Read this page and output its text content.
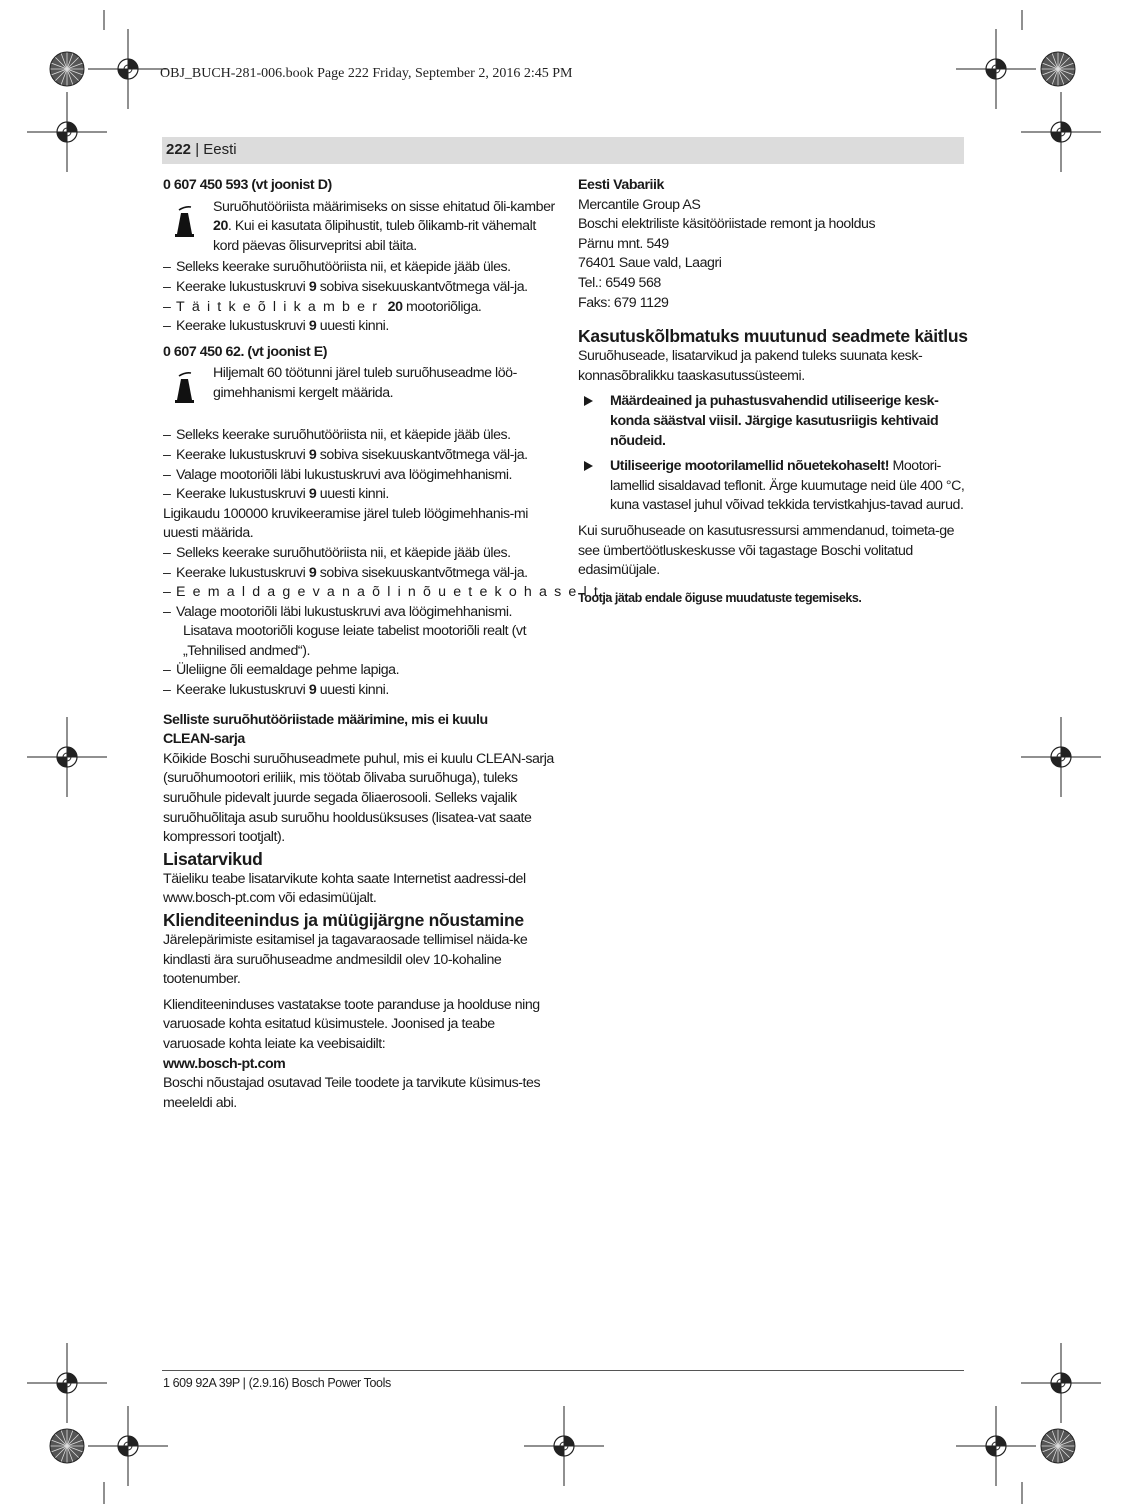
OBJ_BUCH-281-006.book Page 222 Friday, September 2, 2016 2:45 PM
222 | Eesti

0 607 450 593 (vt joonist D)

Suruõhutööriista määrimiseks on sisse ehitatud õli-kamber 20. Kui ei kasutata õlipihustit, tuleb õlikamb-rit vähemalt kord päevas õlisurvepritsi abil täita.

– Selleks keerake suruõhutööriista nii, et käepide jääb üles.

– Keerake lukustuskruvi 9 sobiva sisekuuskantvõtmega väl-ja.

– Täitkeõlikamber 20 mootoriõliga.

– Keerake lukustuskruvi 9 uuesti kinni.

0 607 450 62. (vt joonist E)

Hiljemalt 60 töötunni järel tuleb suruõhuseadme löö-gimehhanismi kergelt määrida.

– Selleks keerake suruõhutööriista nii, et käepide jääb üles.

– Keerake lukustuskruvi 9 sobiva sisekuuskantvõtmega väl-ja.

– Valage mootoriõli läbi lukustuskruvi ava löögimehhanismi.

– Keerake lukustuskruvi 9 uuesti kinni.

Ligikaudu 100000 kruvikeeramise järel tuleb löögimehhanis-mi uuesti määrida.

– Selleks keerake suruõhutööriista nii, et käepide jääb üles.

– Keerake lukustuskruvi 9 sobiva sisekuuskantvõtmega väl-ja.

– Eemaldagevanaõlinõuetekohaselt.

– Valage mootoriõli läbi lukustuskruvi ava löögimehhanismi.

Lisatava mootoriõli koguse leiate tabelist mootoriõli realt (vt „Tehnilised andmed“).

– Üleliigne õli eemaldage pehme lapiga.

– Keerake lukustuskruvi 9 uuesti kinni.

Selliste suruõhutööriistade määrimine, mis ei kuulu CLEAN-sarja

Kõikide Boschi suruõhuseadmete puhul, mis ei kuulu CLEAN-sarja (suruõhumootori eriliik, mis töötab õlivaba suruõhuga), tuleks suruõhule pidevalt juurde segada õliaerosooli. Selleks vajalik suruõhuõlitaja asub suruõhu hooldusüksuses (lisatea-vat saate kompressori tootjalt).

Lisatarvikud

Täieliku teabe lisatarvikute kohta saate Internetist aadressi-del www.bosch-pt.com või edasimüüjalt.

Klienditeenindus ja müügijärgne nõustamine

Järelepärimiste esitamisel ja tagavaraosade tellimisel näida-ke kindlasti ära suruõhuseadme andmesildil olev 10-kohaline tootenumber.

Klienditeeninduses vastatakse toote paranduse ja hoolduse ning varuosade kohta esitatud küsimustele. Joonised ja teabe varuosade kohta leiate ka veebisaidilt:

www.bosch-pt.com

Boschi nõustajad osutavad Teile toodete ja tarvikute küsimus-tes meeleldi abi.

Eesti Vabariik

Mercantile Group AS

Boschi elektriliste käsitööriistade remont ja hooldus

Pärnu mnt. 549

76401 Saue vald, Laagri

Tel.: 6549 568

Faks: 679 1129

Kasutuskõlbmatuks muutunud seadmete käitlus

Suruõhuseade, lisatarvikud ja pakend tuleks suunata kesk-konnasõbralikku taaskasutussüsteemi.

Määrdeained ja puhastusvahendid utiliseerige kesk-konda säästval viisil. Järgige kasutusriigis kehtivaid nõudeid.

Utiliseerige mootorilamellid nõuetekohaselt! Mootori-lamellid sisaldavad teflonit. Ärge kuumutage neid üle 400 °C, kuna vastasel juhul võivad tekkida tervistkahjus-tavad aurud.

Kui suruõhuseade on kasutusressursi ammendanud, toimeta-ge see ümbertöötluskeskusse või tagastage Boschi volitatud edasimüüjale.

Tootja jätab endale õiguse muudatuste tegemiseks.

1 609 92A 39P | (2.9.16) Bosch Power Tools
